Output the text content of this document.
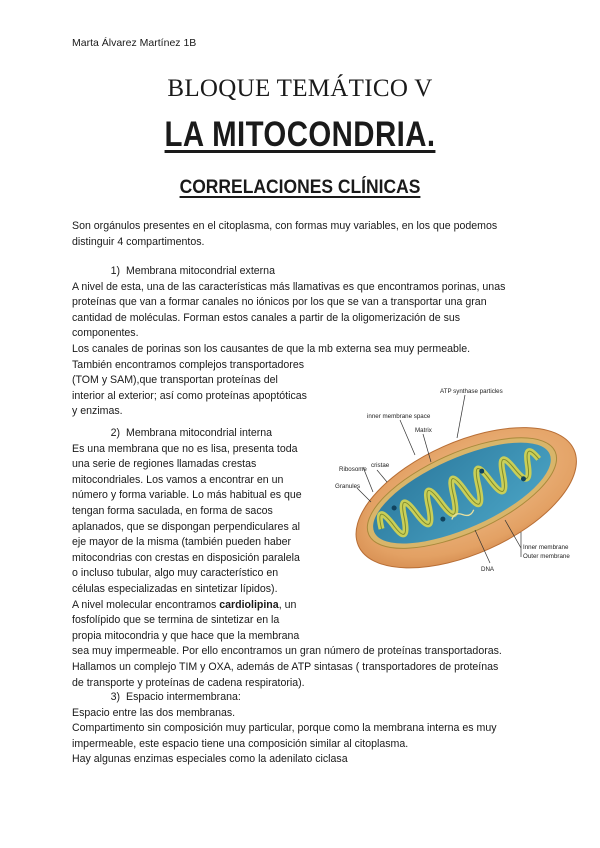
Marta Álvarez Martínez 1B
BLOQUE TEMÁTICO V
LA MITOCONDRIA.
CORRELACIONES CLÍNICAS
Son orgánulos presentes en el citoplasma, con formas muy variables, en los que podemos
distinguir 4 compartimentos.
1) Membrana mitocondrial externa
A nivel de esta, una de las características más llamativas es que encontramos porinas, unas
proteínas que van a formar canales no iónicos por los que se van a transportar una gran
cantidad de moléculas. Forman estos canales a partir de la oligomerización de sus
componentes.
Los canales de porinas son los causantes de que la mb externa sea muy permeable.
También encontramos complejos transportadores
(TOM y SAM),que transportan proteínas del
interior al exterior; así como proteínas apoptóticas
y enzimas.
2) Membrana mitocondrial interna
Es una membrana que no es lisa, presenta toda
una serie de regiones llamadas crestas
mitocondriales. Los vamos a encontrar en un
número y forma variable. Lo más habitual es que
tengan forma saculada, en forma de sacos
aplanados, que se dispongan perpendiculares al
eje mayor de la misma (también pueden haber
mitocondrias con crestas en disposición paralela
o incluso tubular, algo muy característico en
células especializadas en sintetizar lípidos).
A nivel molecular encontramos cardiolipina, un
fosfolípido que se termina de sintetizar en la
propia mitocondria y que hace que la membrana
sea muy impermeable. Por ello encontramos un gran número de proteínas transportadoras.
Hallamos un complejo TIM y OXA, además de ATP sintasas ( transportadores de proteínas
de transporte y proteínas de cadena respiratoria).
3) Espacio intermembrana:
Espacio entre las dos membranas.
Compartimento sin composición muy particular, porque como la membrana interna es muy
impermeable, este espacio tiene una composición similar al citoplasma.
Hay algunas enzimas especiales como la adenilato ciclasa
ATP synthase particles
inner membrane space
Matrix
cristae
Ribosome
Granules
Inner membrane
Outer membrane
DNA
